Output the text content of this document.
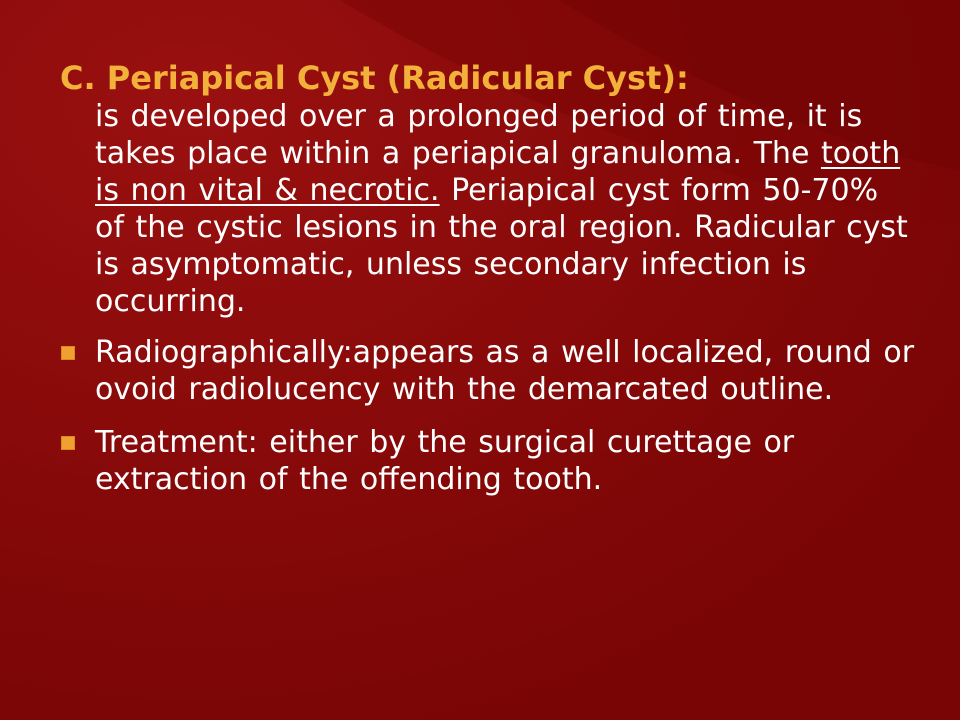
C. Periapical Cyst (Radicular Cyst):

is developed over a prolonged period of time, it is takes place within a periapical granuloma. The tooth is non vital & necrotic. Periapical cyst form 50-70% of the cystic lesions in the oral region. Radicular cyst is asymptomatic, unless secondary infection is occurring.

Radiographically:appears as a well localized, round or ovoid radiolucency with the demarcated outline.
Treatment: either by the surgical curettage or extraction of the offending tooth.
